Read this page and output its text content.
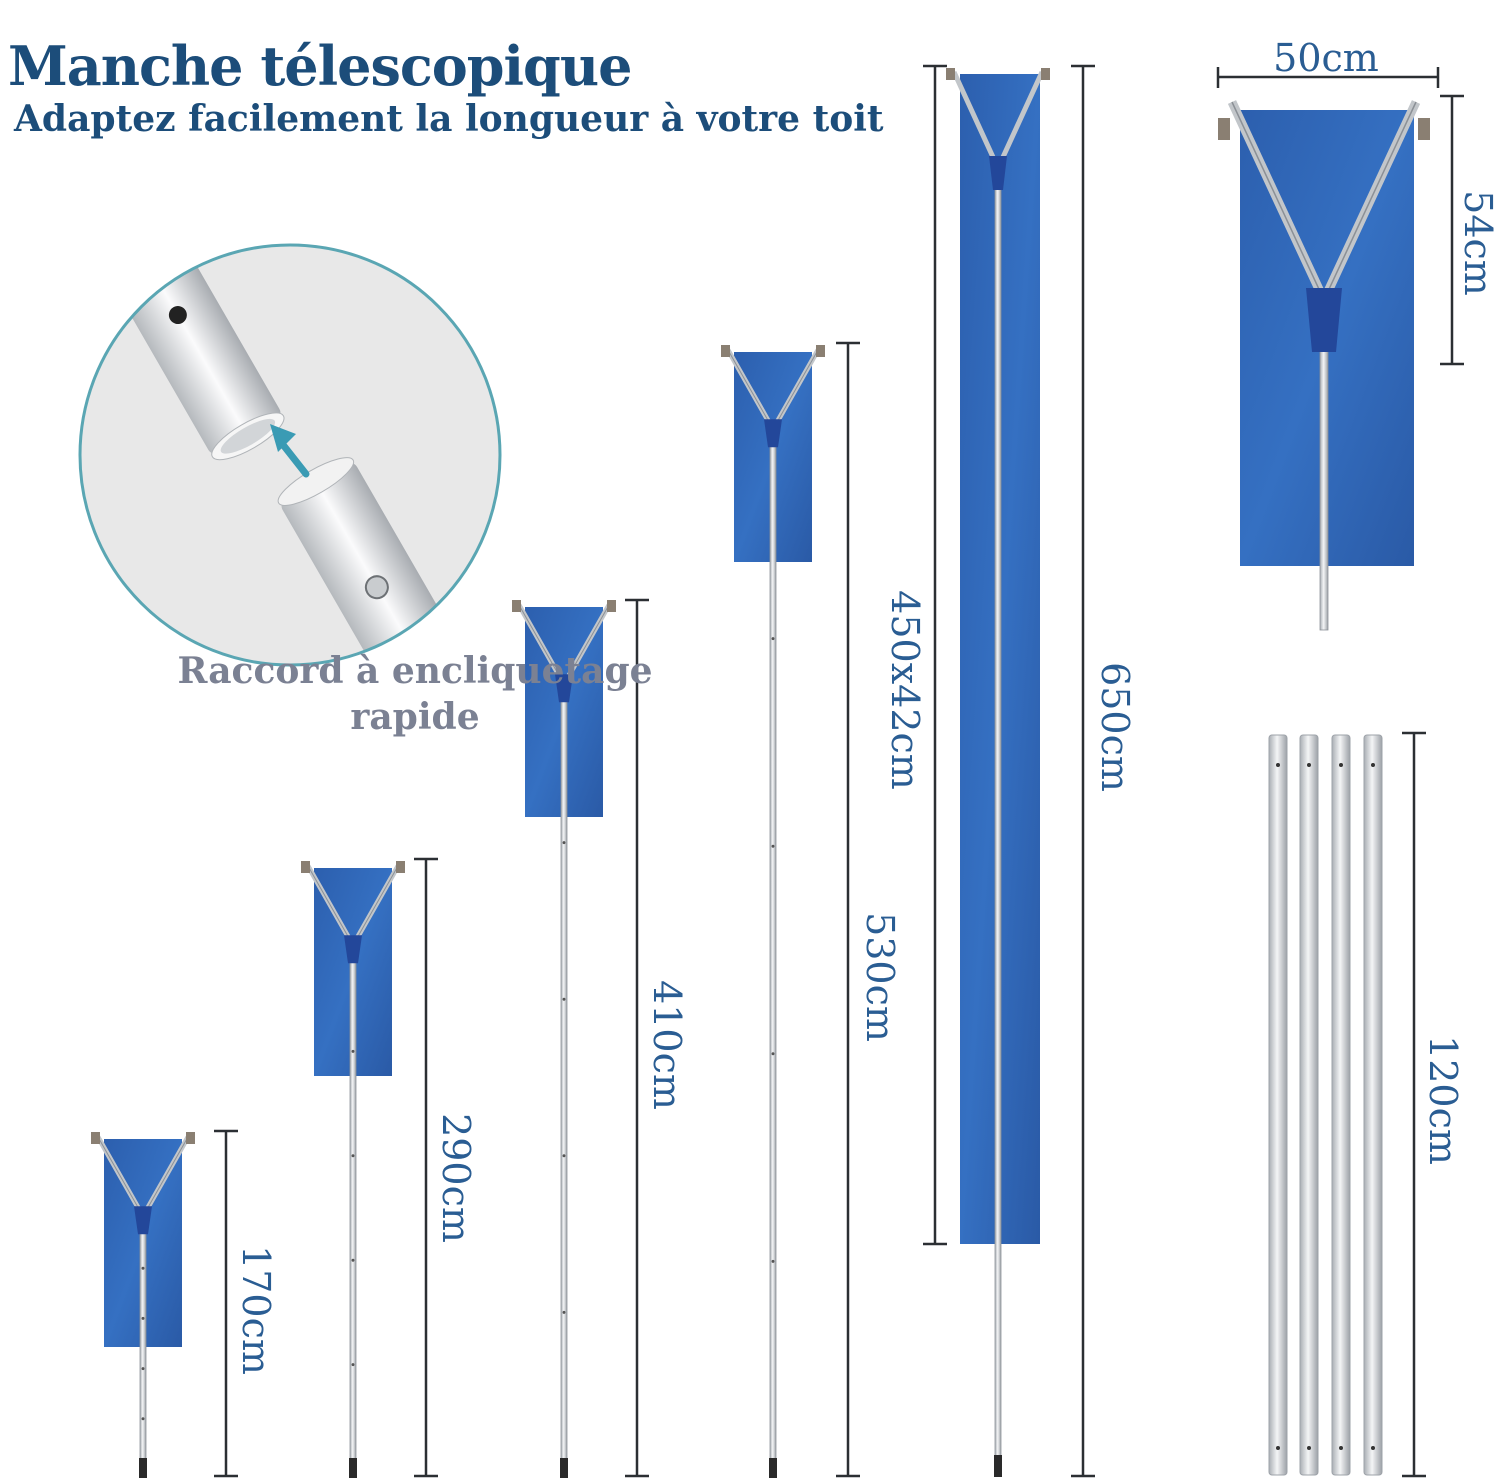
Manche télescopique

Adaptez facilement la longueur à votre toit

Raccord à encliquetage
rapide
170cm
290cm
410cm
530cm
450x42cm	650cm
50cm
54cm
120cm
